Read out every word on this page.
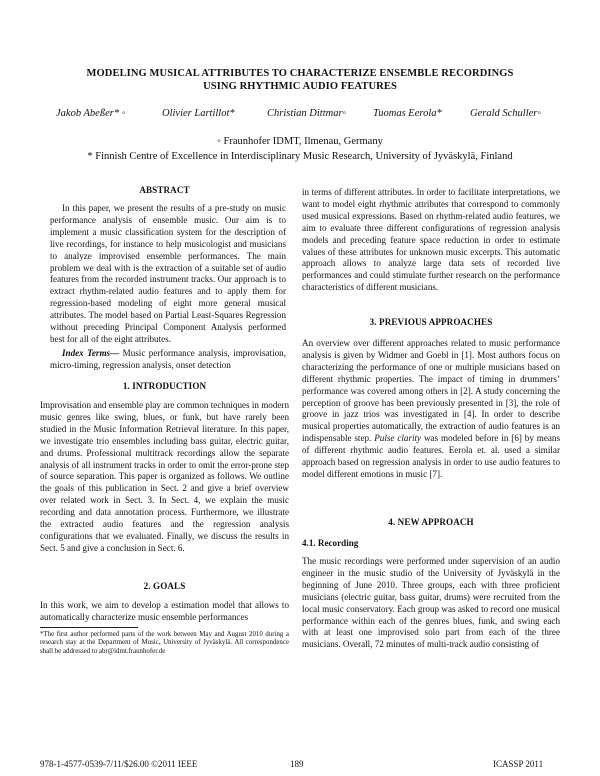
MODELING MUSICAL ATTRIBUTES TO CHARACTERIZE ENSEMBLE RECORDINGS
USING RHYTHMIC AUDIO FEATURES
Jakob Abeßer* ◦	Olivier Lartillot*	Christian Dittmar◦	Tuomas Eerola*	Gerald Schuller◦
◦ Fraunhofer IDMT, Ilmenau, Germany
* Finnish Centre of Excellence in Interdisciplinary Music Research, University of Jyväskylä, Finland
ABSTRACT

In this paper, we present the results of a pre-study on music performance analysis of ensemble music. Our aim is to implement a music classification system for the description of live recordings, for instance to help musicologist and musicians to analyze improvised ensemble performances. The main problem we deal with is the extraction of a suitable set of audio features from the recorded instrument tracks. Our approach is to extract rhythm-related audio features and to apply them for regression-based modeling of eight more general musical attributes. The model based on Partial Least-Squares Regression without preceding Principal Component Analysis performed best for all of the eight attributes.

Index Terms— Music performance analysis, improvisation, micro-timing, regression analysis, onset detection

1. INTRODUCTION

Improvisation and ensemble play are common techniques in modern music genres like swing, blues, or funk, but have rarely been studied in the Music Information Retrieval literature. In this paper, we investigate trio ensembles including bass guitar, electric guitar, and drums. Professional multitrack recordings allow the separate analysis of all instrument tracks in order to omit the error-prone step of source separation. This paper is organized as follows. We outline the goals of this publication in Sect. 2 and give a brief overview over related work in Sect. 3. In Sect. 4, we explain the music recording and data annotation process. Furthermore, we illustrate the extracted audio features and the regression analysis configurations that we evaluated. Finally, we discuss the results in Sect. 5 and give a conclusion in Sect. 6.

2. GOALS

In this work, we aim to develop a estimation model that allows to automatically characterize music ensemble performances

*The first author performed parts of the work between May and August 2010 during a research stay at the Department of Music, University of Jyväskylä. All correspondence shall be addressed to abr@idmt.fraunhofer.de

in terms of different attributes. In order to facilitate interpretations, we want to model eight rhythmic attributes that correspond to commonly used musical expressions. Based on rhythm-related audio features, we aim to evaluate three different configurations of regression analysis models and preceding feature space reduction in order to estimate values of these attributes for unknown music excerpts. This automatic approach allows to analyze large data sets of recorded live performances and could stimulate further research on the performance characteristics of different musicians.

3. PREVIOUS APPROACHES

An overview over different approaches related to music performance analysis is given by Widmer and Goebl in [1]. Most authors focus on characterizing the performance of one or multiple musicians based on different rhythmic properties. The impact of timing in drummers’ performance was covered among others in [2]. A study concerning the perception of groove has been previously presented in [3], the role of groove in jazz trios was investigated in [4]. In order to describe musical properties automatically, the extraction of audio features is an indispensable step. Pulse clarity was modeled before in [6] by means of different rhythmic audio features. Eerola et. al. used a similar approach based on regression analysis in order to use audio features to model different emotions in music [7].

4. NEW APPROACH
4.1. Recording

The music recordings were performed under supervision of an audio engineer in the music studio of the University of Jyväskylä in the beginning of June 2010. Three groups, each with three proficient musicians (electric guitar, bass guitar, drums) were recruited from the local music conservatory. Each group was asked to record one musical performance within each of the genres blues, funk, and swing each with at least one improvised solo part from each of the three musicians. Overall, 72 minutes of multi-track audio consisting of

978-1-4577-0539-7/11/$26.00 ©2011 IEEE	189	ICASSP 2011
